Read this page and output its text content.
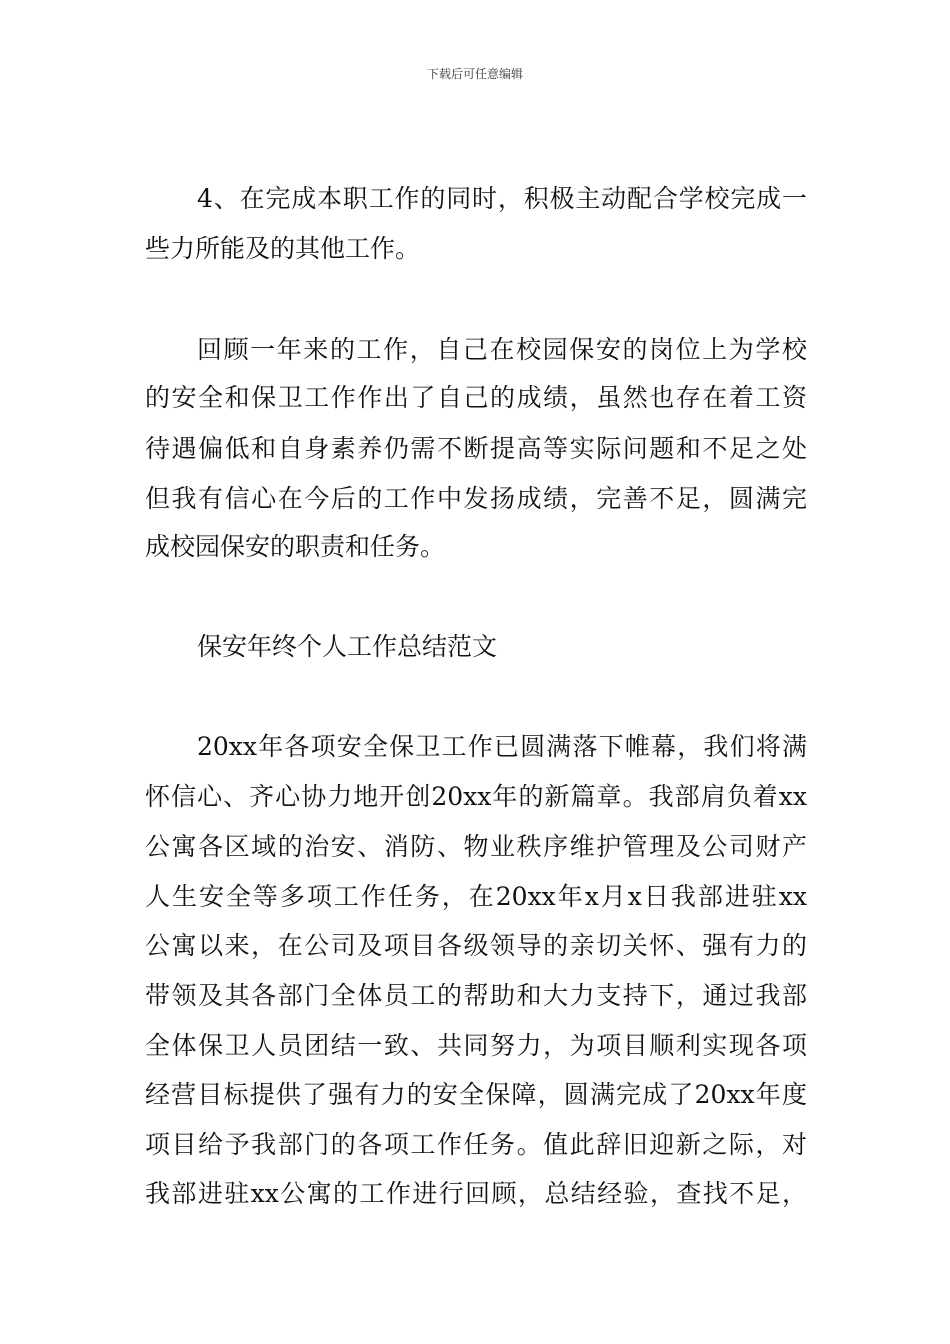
下载后可任意编辑
4、在完成本职工作的同时，积极主动配合学校完成一
些力所能及的其他工作。
回顾一年来的工作，自己在校园保安的岗位上为学校
的安全和保卫工作作出了自己的成绩，虽然也存在着工资
待遇偏低和自身素养仍需不断提高等实际问题和不足之处
但我有信心在今后的工作中发扬成绩，完善不足，圆满完
成校园保安的职责和任务。
保安年终个人工作总结范文
20xx年各项安全保卫工作已圆满落下帷幕，我们将满
怀信心、齐心协力地开创20xx年的新篇章。我部肩负着xx
公寓各区域的治安、消防、物业秩序维护管理及公司财产
人生安全等多项工作任务，在20xx年x月x日我部进驻xx
公寓以来，在公司及项目各级领导的亲切关怀、强有力的
带领及其各部门全体员工的帮助和大力支持下，通过我部
全体保卫人员团结一致、共同努力，为项目顺利实现各项
经营目标提供了强有力的安全保障，圆满完成了20xx年度
项目给予我部门的各项工作任务。值此辞旧迎新之际，对
我部进驻xx公寓的工作进行回顾，总结经验，查找不足，
